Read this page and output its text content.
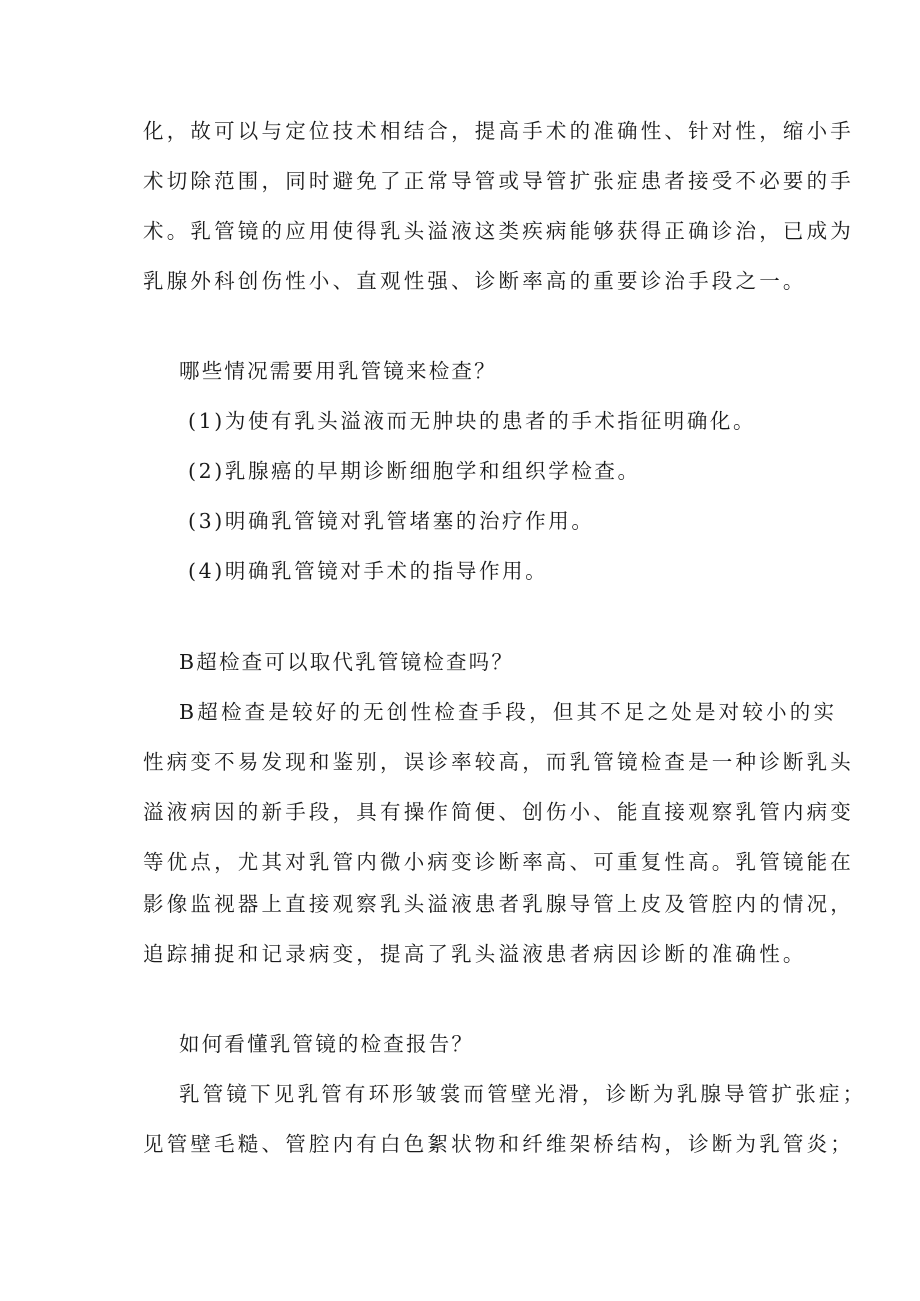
化，故可以与定位技术相结合，提高手术的准确性、针对性，缩小手
术切除范围，同时避免了正常导管或导管扩张症患者接受不必要的手
术。乳管镜的应用使得乳头溢液这类疾病能够获得正确诊治，已成为
乳腺外科创伤性小、直观性强、诊断率高的重要诊治手段之一。
哪些情况需要用乳管镜来检查？
(1)为使有乳头溢液而无肿块的患者的手术指征明确化。
(2)乳腺癌的早期诊断细胞学和组织学检查。
(3)明确乳管镜对乳管堵塞的治疗作用。
(4)明确乳管镜对手术的指导作用。
B超检查可以取代乳管镜检查吗？
B超检查是较好的无创性检查手段，但其不足之处是对较小的实
性病变不易发现和鉴别，误诊率较高，而乳管镜检查是一种诊断乳头
溢液病因的新手段，具有操作简便、创伤小、能直接观察乳管内病变
等优点，尤其对乳管内微小病变诊断率高、可重复性高。乳管镜能在
影像监视器上直接观察乳头溢液患者乳腺导管上皮及管腔内的情况，
追踪捕捉和记录病变，提高了乳头溢液患者病因诊断的准确性。
如何看懂乳管镜的检查报告？
乳管镜下见乳管有环形皱裳而管壁光滑，诊断为乳腺导管扩张症；
见管壁毛糙、管腔内有白色絮状物和纤维架桥结构，诊断为乳管炎；
